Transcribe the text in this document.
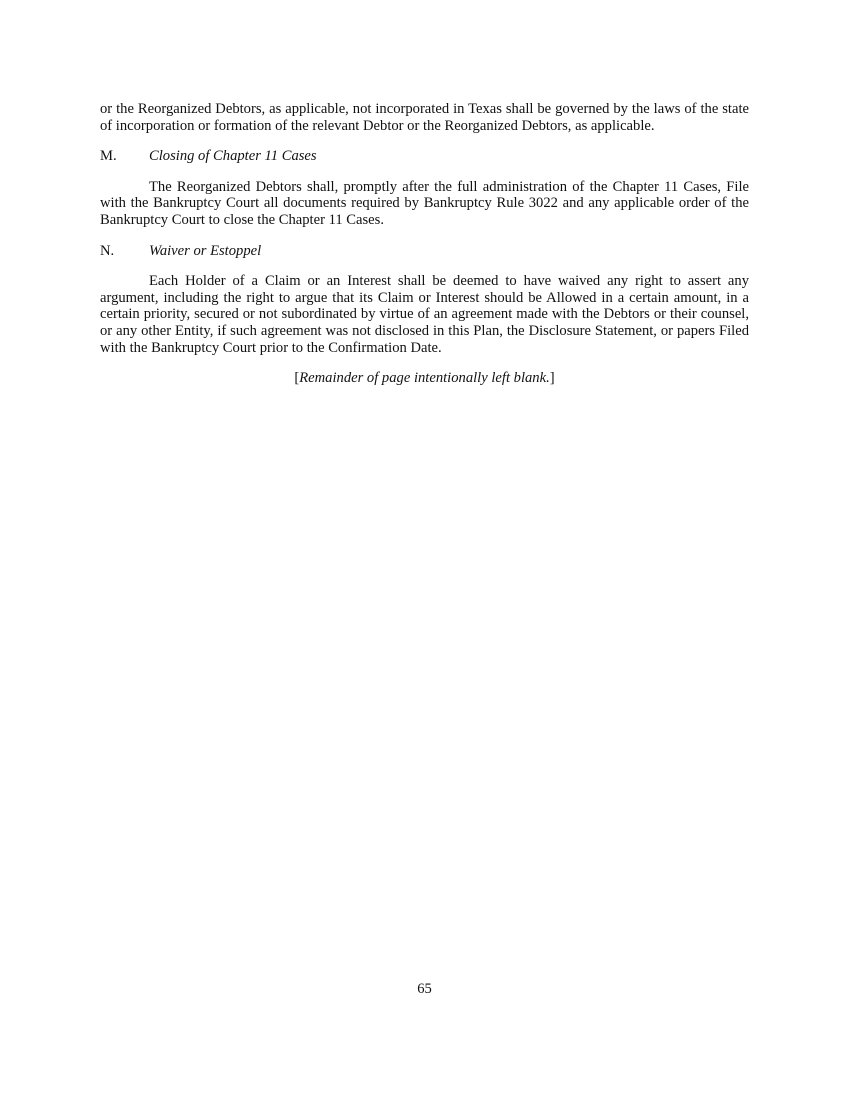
or the Reorganized Debtors, as applicable, not incorporated in Texas shall be governed by the laws of the state of incorporation or formation of the relevant Debtor or the Reorganized Debtors, as applicable.

M.	Closing of Chapter 11 Cases

The Reorganized Debtors shall, promptly after the full administration of the Chapter 11 Cases, File with the Bankruptcy Court all documents required by Bankruptcy Rule 3022 and any applicable order of the Bankruptcy Court to close the Chapter 11 Cases.

N.	Waiver or Estoppel

Each Holder of a Claim or an Interest shall be deemed to have waived any right to assert any argument, including the right to argue that its Claim or Interest should be Allowed in a certain amount, in a certain priority, secured or not subordinated by virtue of an agreement made with the Debtors or their counsel, or any other Entity, if such agreement was not disclosed in this Plan, the Disclosure Statement, or papers Filed with the Bankruptcy Court prior to the Confirmation Date.

[Remainder of page intentionally left blank.]

65
